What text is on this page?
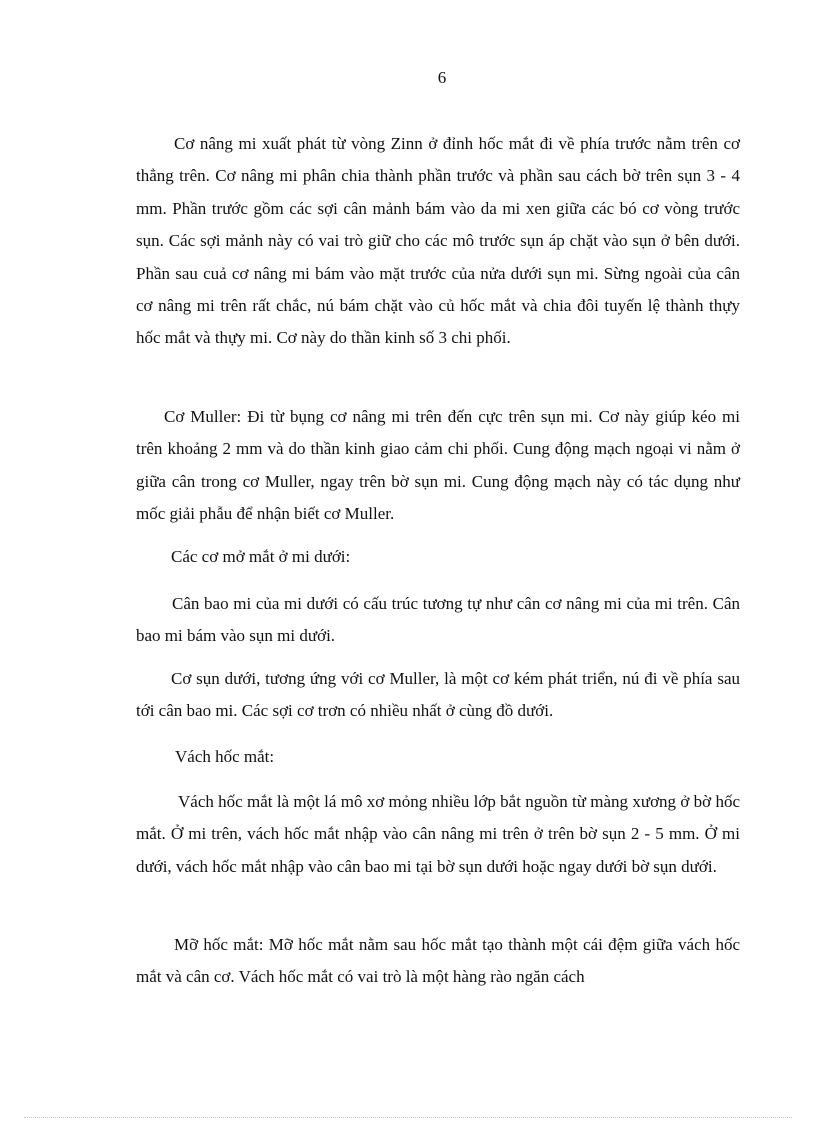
6

Cơ nâng mi xuất phát từ vòng Zinn ở đỉnh hốc mắt đi về phía trước nằm trên cơ thẳng trên. Cơ nâng mi phân chia thành phần trước và phần sau cách bờ trên sụn 3 - 4 mm. Phần trước gồm các sợi cân mảnh bám vào da mi xen giữa các bó cơ vòng trước sụn. Các sợi mảnh này có vai trò giữ cho các mô trước sụn áp chặt vào sụn ở bên dưới. Phần sau cuả cơ nâng mi bám vào mặt trước của nửa dưới sụn mi. Sừng ngoài của cân cơ nâng mi trên rất chắc, nú bám chặt vào củ hốc mắt và chia đôi tuyến lệ thành thựy hốc mắt và thựy mi. Cơ này do thần kinh số 3 chi phối.

Cơ Muller: Đi từ bụng cơ nâng mi trên đến cực trên sụn mi. Cơ này giúp kéo mi trên khoảng 2 mm và do thần kinh giao cảm chi phối. Cung động mạch ngoại vi nằm ở giữa cân trong cơ Muller, ngay trên bờ sụn mi. Cung động mạch này có tác dụng như mốc giải phẫu để nhận biết cơ Muller.

Các cơ mở mắt ở mi dưới:

Cân bao mi của mi dưới có cấu trúc tương tự như cân cơ nâng mi của mi trên. Cân bao mi bám vào sụn mi dưới.

Cơ sụn dưới, tương ứng với cơ Muller, là một cơ kém phát triển, nú đi về phía sau tới cân bao mi. Các sợi cơ trơn có nhiều nhất ở cùng đồ dưới.

Vách hốc mắt:

Vách hốc mắt là một lá mô xơ mỏng nhiều lớp bắt nguồn từ màng xương ở bờ hốc mắt. Ở mi trên, vách hốc mắt nhập vào cân nâng mi trên ở trên bờ sụn 2 - 5 mm. Ở mi dưới, vách hốc mắt nhập vào cân bao mi tại bờ sụn dưới hoặc ngay dưới bờ sụn dưới.

Mỡ hốc mắt: Mỡ hốc mắt nằm sau hốc mắt tạo thành một cái đệm giữa vách hốc mắt và cân cơ. Vách hốc mắt có vai trò là một hàng rào ngăn cách
